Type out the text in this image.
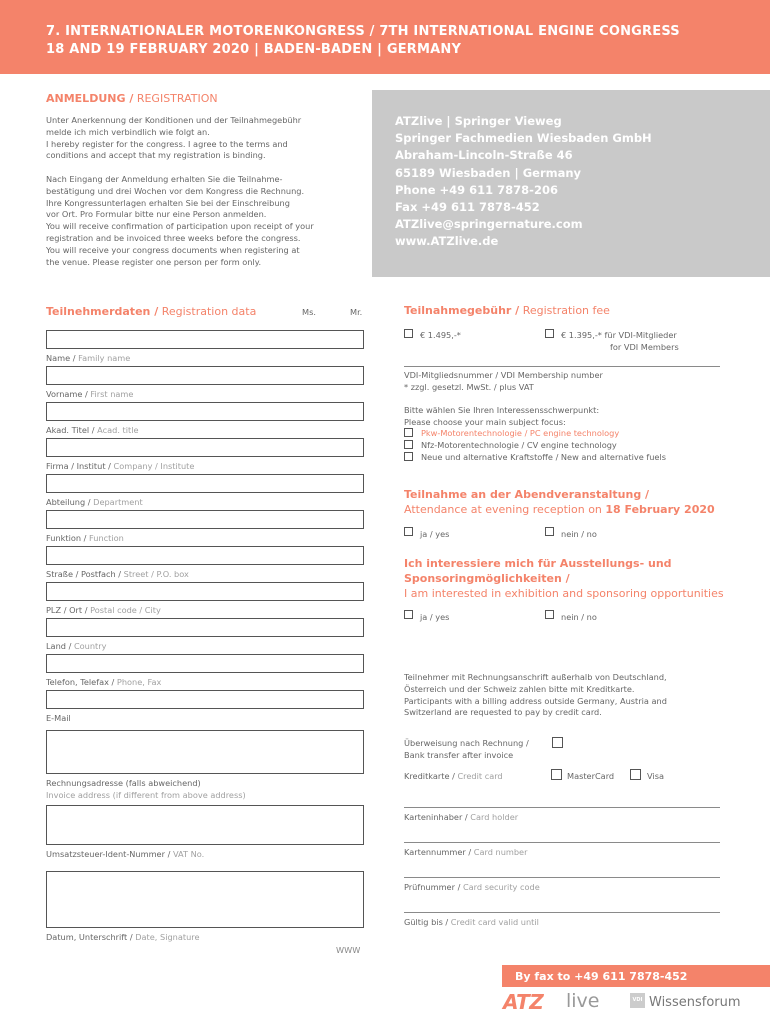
7. INTERNATIONALER MOTORENKONGRESS / 7TH INTERNATIONAL ENGINE CONGRESS
18 AND 19 FEBRUARY 2020 | BADEN-BADEN | GERMANY
ANMELDUNG / REGISTRATION
Unter Anerkennung der Konditionen und der Teilnahmegebühr
melde ich mich verbindlich wie folgt an.
I hereby register for the congress. I agree to the terms and
conditions and accept that my registration is binding.
Nach Eingang der Anmeldung erhalten Sie die Teilnahme-
bestätigung und drei Wochen vor dem Kongress die Rechnung.
Ihre Kongressunterlagen erhalten Sie bei der Einschreibung
vor Ort. Pro Formular bitte nur eine Person anmelden.
You will receive confirmation of participation upon receipt of your
registration and be invoiced three weeks before the congress.
You will receive your congress documents when registering at
the venue. Please register one person per form only.
ATZlive | Springer Vieweg
Springer Fachmedien Wiesbaden GmbH
Abraham-Lincoln-Straße 46
65189 Wiesbaden | Germany
Phone +49 611 7878-206
Fax +49 611 7878-452
ATZlive@springernature.com
www.ATZlive.de
Teilnehmerdaten / Registration data	Ms.	Mr.
Name / Family name
Vorname / First name
Akad. Titel / Acad. title
Firma / Institut / Company / Institute
Abteilung / Department
Funktion / Function
Straße / Postfach / Street / P.O. box
PLZ / Ort / Postal code / City
Land / Country
Telefon, Telefax / Phone, Fax
E-Mail
Rechnungsadresse (falls abweichend)
Umsatzsteuer-Ident-Nummer / VAT No.
Datum, Unterschrift / Date, Signature
Invoice address (if different from above address)
Teilnahmegebühr / Registration fee
€ 1.495,-*	€ 1.395,-* für VDI-Mitglieder
for VDI Members
VDI-Mitgliedsnummer / VDI Membership number
* zzgl. gesetzl. MwSt. / plus VAT
Bitte wählen Sie Ihren Interessensschwerpunkt:
Please choose your main subject focus:
Pkw-Motorentechnologie / PC engine technology
Nfz-Motorentechnologie / CV engine technology
Neue und alternative Kraftstoffe / New and alternative fuels
Teilnahme an der Abendveranstaltung /
Attendance at evening reception on 18 February 2020
ja / yes	nein / no
Ich interessiere mich für Ausstellungs- und
Sponsoringmöglichkeiten /
I am interested in exhibition and sponsoring opportunities
ja / yes	nein / no
Teilnehmer mit Rechnungsanschrift außerhalb von Deutschland,
Österreich und der Schweiz zahlen bitte mit Kreditkarte.
Participants with a billing address outside Germany, Austria and
Switzerland are requested to pay by credit card.
Überweisung nach Rechnung /
Bank transfer after invoice
Kreditkarte / Credit card	MasterCard	Visa
Karteninhaber / Card holder
Kartennummer / Card number
Prüfnummer / Card security code
Gültig bis / Credit card valid until
WWW
By fax to +49 611 7878-452
ATZ live	VDI Wissensforum
